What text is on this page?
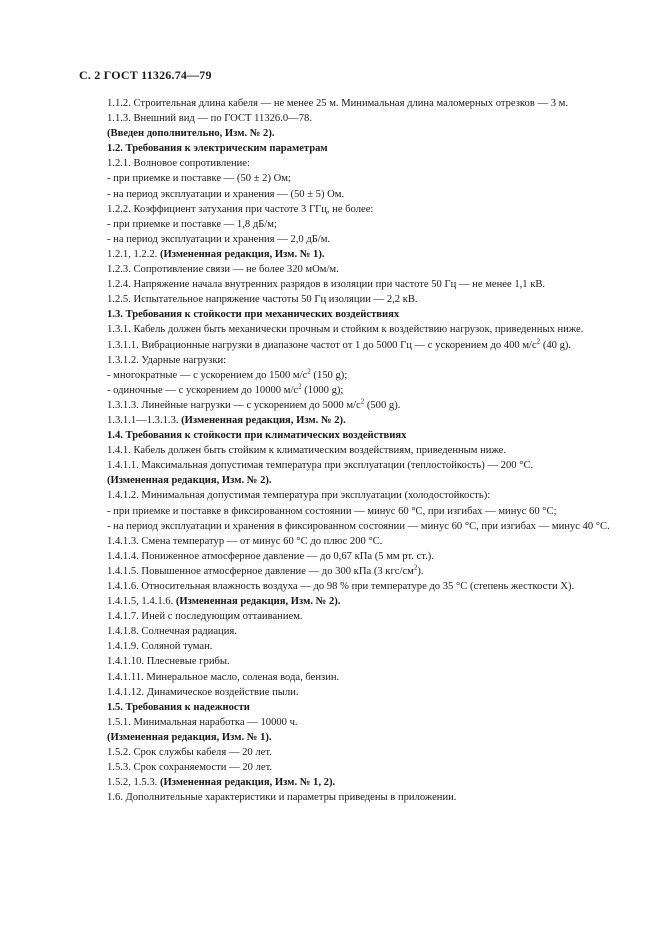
С. 2 ГОСТ 11326.74—79

1.1.2. Строительная длина кабеля — не менее 25 м. Минимальная длина маломерных отрезков — 3 м.

1.1.3. Внешний вид — по ГОСТ 11326.0—78.

(Введен дополнительно, Изм. № 2).

1.2. Требования к электрическим параметрам

1.2.1. Волновое сопротивление:

- при приемке и поставке — (50 ± 2) Ом;

- на период эксплуатации и хранения — (50 ± 5) Ом.

1.2.2. Коэффициент затухания при частоте 3 ГГц, не более:

- при приемке и поставке — 1,8 дБ/м;

- на период эксплуатации и хранения — 2,0 дБ/м.

1.2.1, 1.2.2. (Измененная редакция, Изм. № 1).

1.2.3. Сопротивление связи — не более 320 мОм/м.

1.2.4. Напряжение начала внутренних разрядов в изоляции при частоте 50 Гц — не менее 1,1 кВ.

1.2.5. Испытательное напряжение частоты 50 Гц изоляции — 2,2 кВ.

1.3. Требования к стойкости при механических воздействиях

1.3.1. Кабель должен быть механически прочным и стойким к воздействию нагрузок, приведенных ниже.

1.3.1.1. Вибрационные нагрузки в диапазоне частот от 1 до 5000 Гц — с ускорением до 400 $м/с^2$ (40 g).

1.3.1.2. Ударные нагрузки:

- многократные — с ускорением до 1500 $м/с^2$ (150 g);

- одиночные — с ускорением до 10000 $м/с^2$ (1000 g);

1.3.1.3. Линейные нагрузки — с ускорением до 5000 $м/с^2$ (500 g).

1.3.1.1—1.3.1.3. (Измененная редакция, Изм. № 2).

1.4. Требования к стойкости при климатических воздействиях

1.4.1. Кабель должен быть стойким к климатическим воздействиям, приведенным ниже.

1.4.1.1. Максимальная допустимая температура при эксплуатации (теплостойкость) — 200 °С.

(Измененная редакция, Изм. № 2).

1.4.1.2. Минимальная допустимая температура при эксплуатации (холодостойкость):

- при приемке и поставке в фиксированном состоянии — минус 60 °С, при изгибах — минус 60 °С;

- на период эксплуатации и хранения в фиксированном состоянии — минус 60 °С, при изгибах — минус 40 °С.

1.4.1.3. Смена температур — от минус 60 °С до плюс 200 °С.

1.4.1.4. Пониженное атмосферное давление — до 0,67 кПа (5 мм рт. ст.).

1.4.1.5. Повышенное атмосферное давление — до 300 кПа (3 кгс/$см^2$).

1.4.1.6. Относительная влажность воздуха — до 98 % при температуре до 35 °С (степень жесткости X).

1.4.1.5, 1.4.1.6. (Измененная редакция, Изм. № 2).

1.4.1.7. Иней с последующим оттаиванием.

1.4.1.8. Солнечная радиация.

1.4.1.9. Соляной туман.

1.4.1.10. Плесневые грибы.

1.4.1.11. Минеральное масло, соленая вода, бензин.

1.4.1.12. Динамическое воздействие пыли.

1.5. Требования к надежности

1.5.1. Минимальная наработка — 10000 ч.

(Измененная редакция, Изм. № 1).

1.5.2. Срок службы кабеля — 20 лет.

1.5.3. Срок сохраняемости — 20 лет.

1.5.2, 1.5.3. (Измененная редакция, Изм. № 1, 2).

1.6. Дополнительные характеристики и параметры приведены в приложении.
